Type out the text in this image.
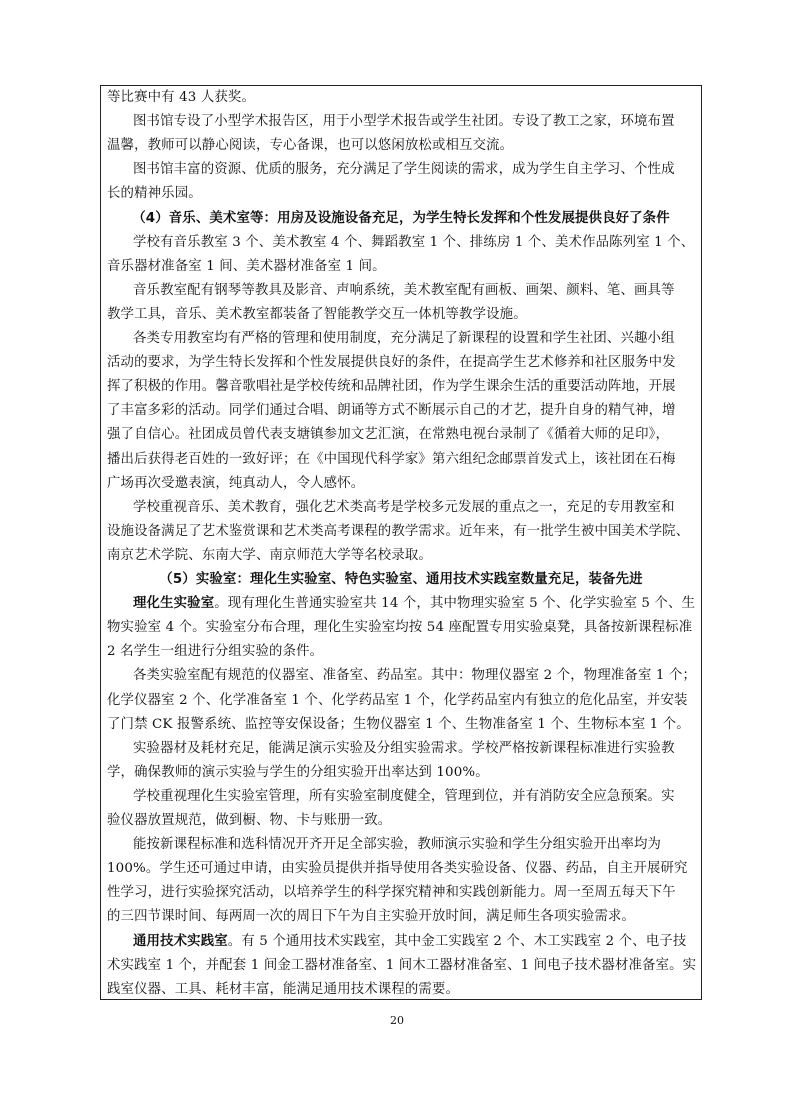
等比赛中有 43 人获奖。
图书馆专设了小型学术报告区，用于小型学术报告或学生社团。专设了教工之家，环境布置
温馨，教师可以静心阅读，专心备课，也可以悠闲放松或相互交流。
图书馆丰富的资源、优质的服务，充分满足了学生阅读的需求，成为学生自主学习、个性成
长的精神乐园。
（4）音乐、美术室等：用房及设施设备充足，为学生特长发挥和个性发展提供良好了条件
学校有音乐教室 3 个、美术教室 4 个、舞蹈教室 1 个、排练房 1 个、美术作品陈列室 1 个、
音乐器材准备室 1 间、美术器材准备室 1 间。
音乐教室配有钢琴等教具及影音、声响系统，美术教室配有画板、画架、颜料、笔、画具等
教学工具，音乐、美术教室都装备了智能教学交互一体机等教学设施。
各类专用教室均有严格的管理和使用制度，充分满足了新课程的设置和学生社团、兴趣小组
活动的要求，为学生特长发挥和个性发展提供良好的条件，在提高学生艺术修养和社区服务中发
挥了积极的作用。馨音歌唱社是学校传统和品牌社团，作为学生课余生活的重要活动阵地，开展
了丰富多彩的活动。同学们通过合唱、朗诵等方式不断展示自己的才艺，提升自身的精气神，增
强了自信心。社团成员曾代表支塘镇参加文艺汇演，在常熟电视台录制了《循着大师的足印》，
播出后获得老百姓的一致好评；在《中国现代科学家》第六组纪念邮票首发式上，该社团在石梅
广场再次受邀表演，纯真动人，令人感怀。
学校重视音乐、美术教育，强化艺术类高考是学校多元发展的重点之一，充足的专用教室和
设施设备满足了艺术鉴赏课和艺术类高考课程的教学需求。近年来，有一批学生被中国美术学院、
南京艺术学院、东南大学、南京师范大学等名校录取。
（5）实验室：理化生实验室、特色实验室、通用技术实践室数量充足，装备先进
理化生实验室。现有理化生普通实验室共 14 个，其中物理实验室 5 个、化学实验室 5 个、生
物实验室 4 个。实验室分布合理，理化生实验室均按 54 座配置专用实验桌凳，具备按新课程标准
2 名学生一组进行分组实验的条件。
各类实验室配有规范的仪器室、准备室、药品室。其中：物理仪器室 2 个，物理准备室 1 个；
化学仪器室 2 个、化学准备室 1 个、化学药品室 1 个，化学药品室内有独立的危化品室，并安装
了门禁 CK 报警系统、监控等安保设备；生物仪器室 1 个、生物准备室 1 个、生物标本室 1 个。
实验器材及耗材充足，能满足演示实验及分组实验需求。学校严格按新课程标准进行实验教
学，确保教师的演示实验与学生的分组实验开出率达到 100%。
学校重视理化生实验室管理，所有实验室制度健全，管理到位，并有消防安全应急预案。实
验仪器放置规范，做到橱、物、卡与账册一致。
能按新课程标准和选科情况开齐开足全部实验，教师演示实验和学生分组实验开出率均为
100%。学生还可通过申请，由实验员提供并指导使用各类实验设备、仪器、药品，自主开展研究
性学习，进行实验探究活动，以培养学生的科学探究精神和实践创新能力。周一至周五每天下午
的三四节课时间、每两周一次的周日下午为自主实验开放时间，满足师生各项实验需求。
通用技术实践室。有 5 个通用技术实践室，其中金工实践室 2 个、木工实践室 2 个、电子技
术实践室 1 个，并配套 1 间金工器材准备室、1 间木工器材准备室、1 间电子技术器材准备室。实
践室仪器、工具、耗材丰富，能满足通用技术课程的需要。
20
